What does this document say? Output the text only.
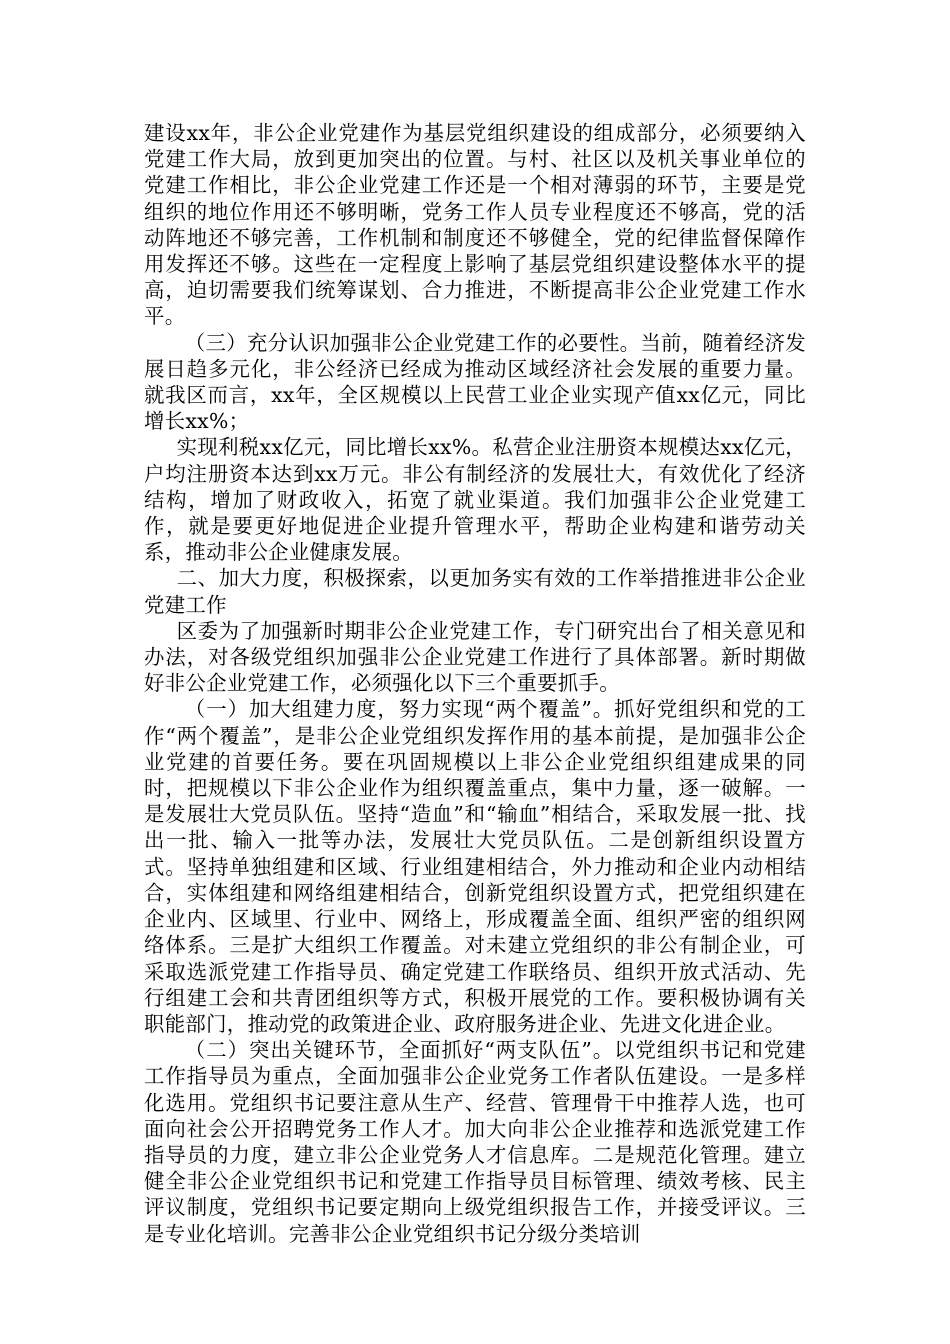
建设xx年，非公企业党建作为基层党组织建设的组成部分，必须要纳入党建工作大局，放到更加突出的位置。与村、社区以及机关事业单位的党建工作相比，非公企业党建工作还是一个相对薄弱的环节，主要是党组织的地位作用还不够明晰，党务工作人员专业程度还不够高，党的活动阵地还不够完善，工作机制和制度还不够健全，党的纪律监督保障作用发挥还不够。这些在一定程度上影响了基层党组织建设整体水平的提高，迫切需要我们统筹谋划、合力推进，不断提高非公企业党建工作水平。

（三）充分认识加强非公企业党建工作的必要性。当前，随着经济发展日趋多元化，非公经济已经成为推动区域经济社会发展的重要力量。就我区而言，xx年，全区规模以上民营工业企业实现产值xx亿元，同比增长xx%；

实现利税xx亿元，同比增长xx%。私营企业注册资本规模达xx亿元，户均注册资本达到xx万元。非公有制经济的发展壮大，有效优化了经济结构，增加了财政收入，拓宽了就业渠道。我们加强非公企业党建工作，就是要更好地促进企业提升管理水平，帮助企业构建和谐劳动关系，推动非公企业健康发展。

二、加大力度，积极探索，以更加务实有效的工作举措推进非公企业党建工作

区委为了加强新时期非公企业党建工作，专门研究出台了相关意见和办法，对各级党组织加强非公企业党建工作进行了具体部署。新时期做好非公企业党建工作，必须强化以下三个重要抓手。

（一）加大组建力度，努力实现“两个覆盖”。抓好党组织和党的工作“两个覆盖”，是非公企业党组织发挥作用的基本前提，是加强非公企业党建的首要任务。要在巩固规模以上非公企业党组织组建成果的同时，把规模以下非公企业作为组织覆盖重点，集中力量，逐一破解。一是发展壮大党员队伍。坚持“造血”和“输血”相结合，采取发展一批、找出一批、输入一批等办法，发展壮大党员队伍。二是创新组织设置方式。坚持单独组建和区域、行业组建相结合，外力推动和企业内动相结合，实体组建和网络组建相结合，创新党组织设置方式，把党组织建在企业内、区域里、行业中、网络上，形成覆盖全面、组织严密的组织网络体系。三是扩大组织工作覆盖。对未建立党组织的非公有制企业，可采取选派党建工作指导员、确定党建工作联络员、组织开放式活动、先行组建工会和共青团组织等方式，积极开展党的工作。要积极协调有关职能部门，推动党的政策进企业、政府服务进企业、先进文化进企业。

（二）突出关键环节，全面抓好“两支队伍”。以党组织书记和党建工作指导员为重点，全面加强非公企业党务工作者队伍建设。一是多样化选用。党组织书记要注意从生产、经营、管理骨干中推荐人选，也可面向社会公开招聘党务工作人才。加大向非公企业推荐和选派党建工作指导员的力度，建立非公企业党务人才信息库。二是规范化管理。建立健全非公企业党组织书记和党建工作指导员目标管理、绩效考核、民主评议制度，党组织书记要定期向上级党组织报告工作，并接受评议。三是专业化培训。完善非公企业党组织书记分级分类培训
